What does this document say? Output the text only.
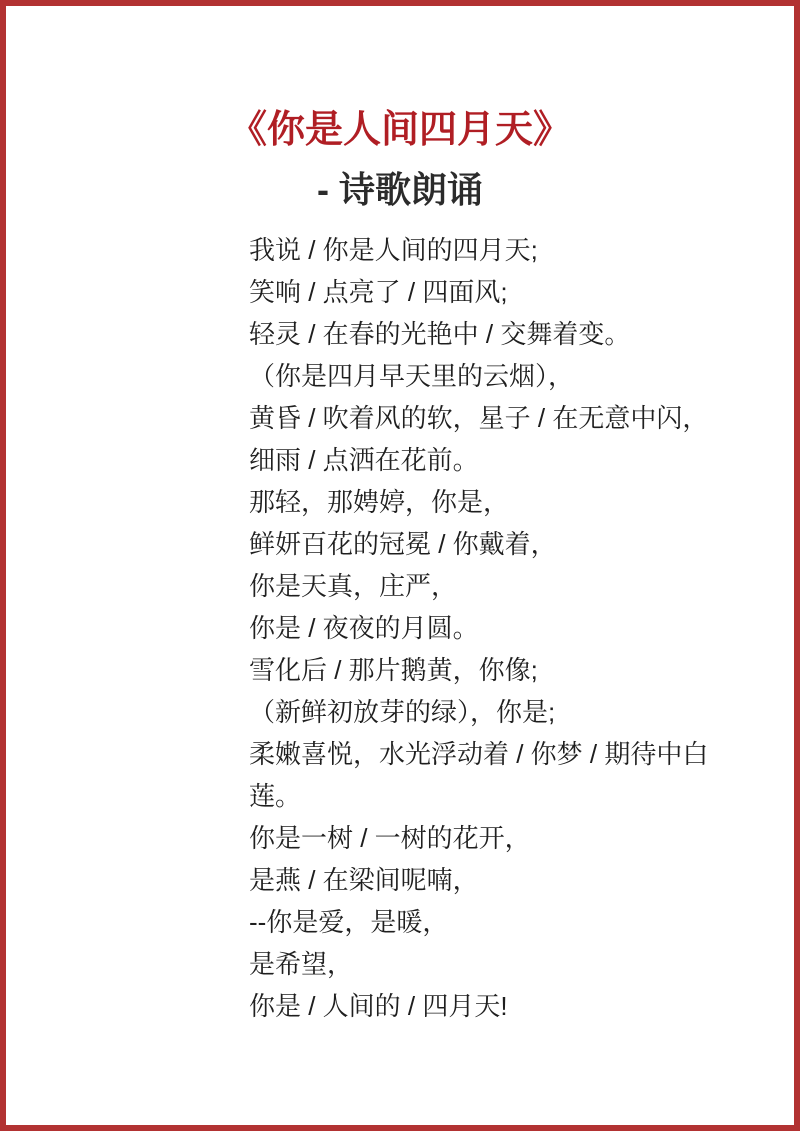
《你是人间四月天》
- 诗歌朗诵
我说 / 你是人间的四月天;
笑响 / 点亮了 / 四面风;
轻灵 / 在春的光艳中 / 交舞着变。
（你是四月早天里的云烟），
黄昏 / 吹着风的软，星子 / 在无意中闪，
细雨 / 点洒在花前。
那轻，那娉婷，你是，
鲜妍百花的冠冕 / 你戴着，
你是天真，庄严，
你是 / 夜夜的月圆。
雪化后 / 那片鹅黄，你像;
（新鲜初放芽的绿），你是;
柔嫩喜悦，水光浮动着 / 你梦 / 期待中白
莲。
你是一树 / 一树的花开，
是燕 / 在梁间呢喃，
--你是爱，是暖，
是希望，
你是 / 人间的 / 四月天!
